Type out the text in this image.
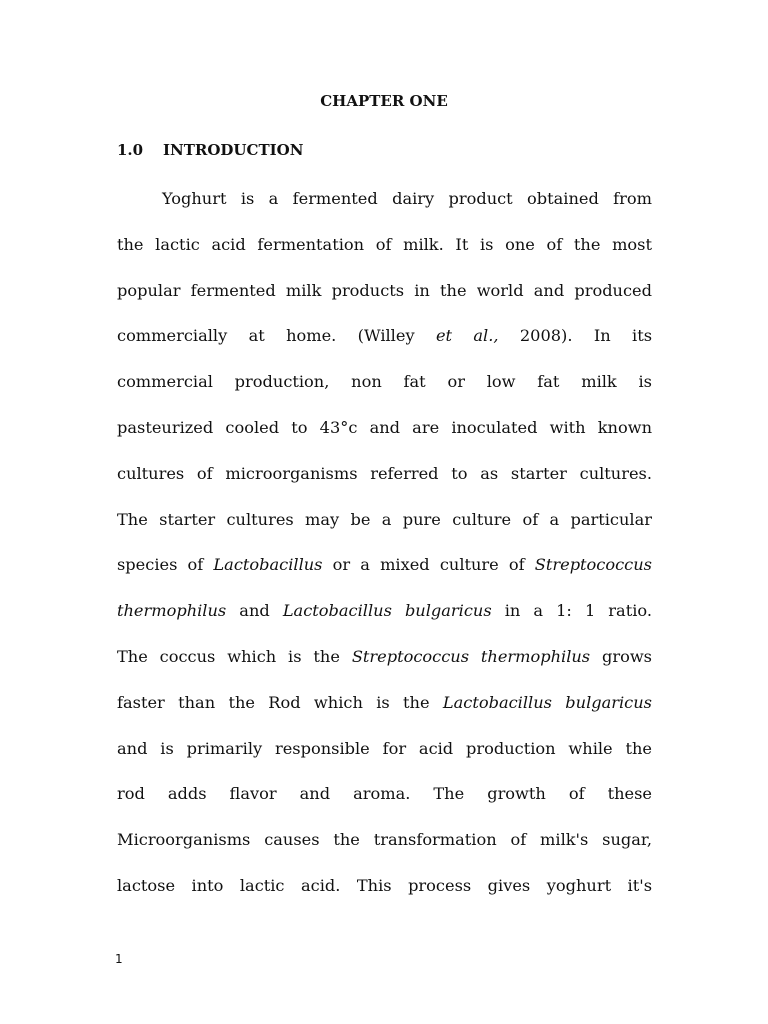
CHAPTER ONE
1.0 INTRODUCTION
Yoghurt is a fermented dairy product obtained from
the lactic acid fermentation of milk. It is one of the most
popular fermented milk products in the world and produced
commercially at home. (Willey et al., 2008). In its
commercial production, non fat or low fat milk is
pasteurized cooled to 43°c and are inoculated with known
cultures of microorganisms referred to as starter cultures.
The starter cultures may be a pure culture of a particular
species of Lactobacillus or a mixed culture of Streptococcus
thermophilus and Lactobacillus bulgaricus in a 1: 1 ratio.
The coccus which is the Streptococcus thermophilus grows
faster than the Rod which is the Lactobacillus bulgaricus
and is primarily responsible for acid production while the
rod adds flavor and aroma. The growth of these
Microorganisms causes the transformation of milk's sugar,
lactose into lactic acid. This process gives yoghurt it's
1
